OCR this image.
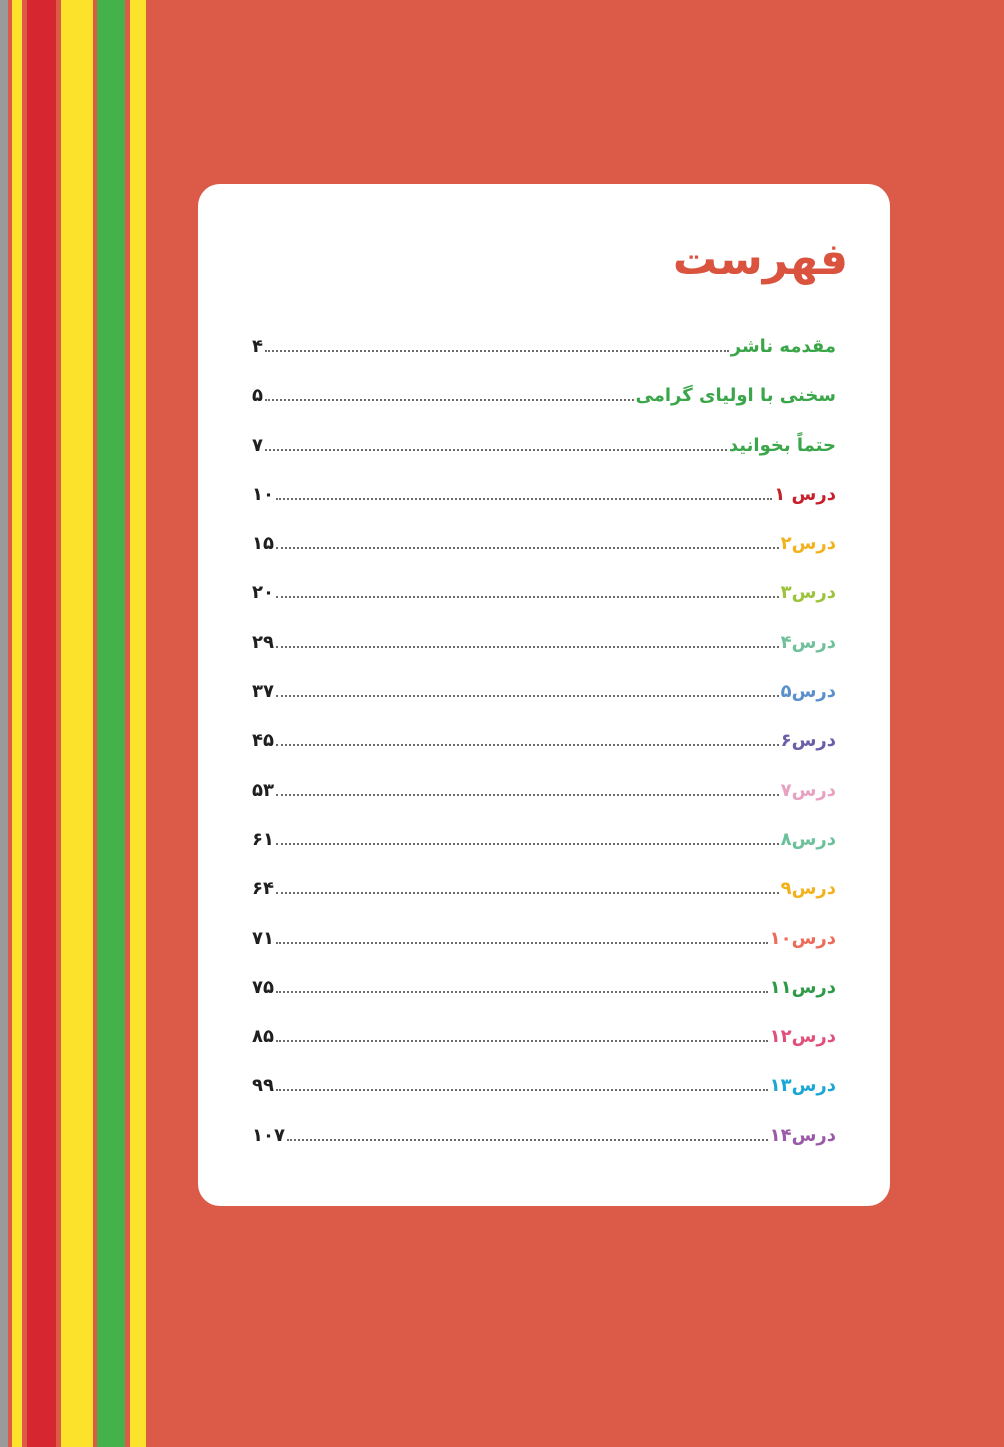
فهرست
مقدمه ناشر
۴
سخنی با اولیای گرامی
۵
حتماً بخوانید
۷
درس ۱
۱۰
درس۲
۱۵
درس۳
۲۰
درس۴
۲۹
درس۵
۳۷
درس۶
۴۵
درس۷
۵۳
درس۸
۶۱
درس۹
۶۴
درس۱۰
۷۱
درس۱۱
۷۵
درس۱۲
۸۵
درس۱۳
۹۹
درس۱۴
۱۰۷
